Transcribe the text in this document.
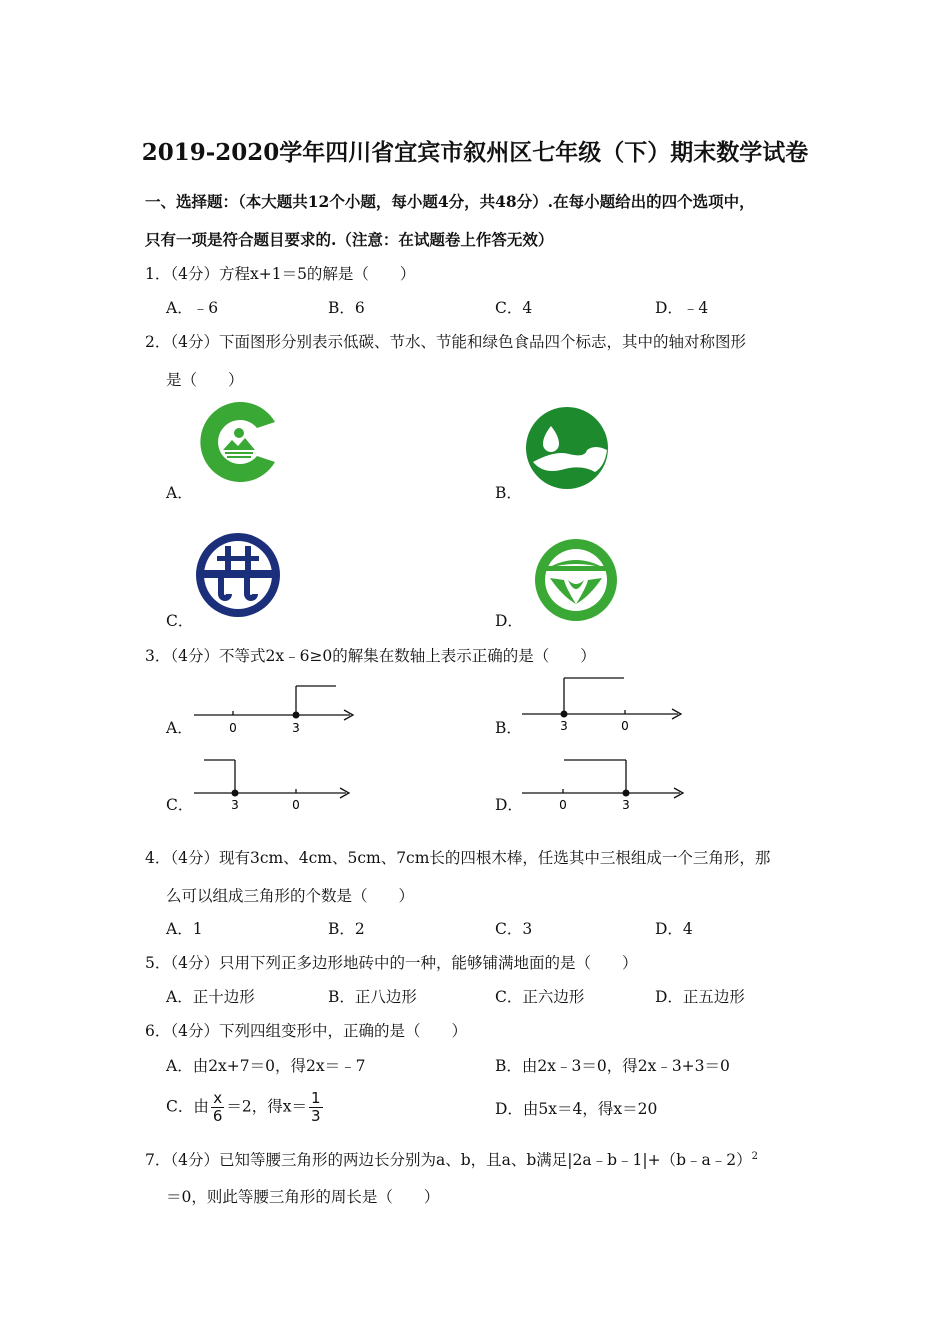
2019-2020学年四川省宜宾市叙州区七年级（下）期末数学试卷
一、选择题：（本大题共12个小题，每小题4分，共48分）.在每小题给出的四个选项中，
只有一项是符合题目要求的.（注意：在试题卷上作答无效）
1．（4分）方程x+1＝5的解是（　　）
A．﹣6	B．6	C．4	D．﹣4
2．（4分）下面图形分别表示低碳、节水、节能和绿色食品四个标志，其中的轴对称图形
是（　　）
A．	B．
C．	D．
3．（4分）不等式2x﹣6≥0的解集在数轴上表示正确的是（　　）
A．	0	3	B．	3	0
C．	3	0	D．	0	3
4．（4分）现有3cm、4cm、5cm、7cm长的四根木棒，任选其中三根组成一个三角形，那
么可以组成三角形的个数是（　　）
A．1	B．2	C．3	D．4
5．（4分）只用下列正多边形地砖中的一种，能够铺满地面的是（　　）
A．正十边形	B．正八边形	C．正六边形	D．正五边形
6．（4分）下列四组变形中，正确的是（　　）
A．由2x+7＝0，得2x＝﹣7	B．由2x﹣3＝0，得2x﹣3+3＝0
C．由 $\frac{x}{6} =2$，得$x= \frac{1}{3}$	D．由5x＝4，得x＝20
7．（4分）已知等腰三角形的两边长分别为a、b，且a、b满足|2a﹣b﹣1|+（b﹣a﹣2）$^2$
＝0，则此等腰三角形的周长是（　　）
